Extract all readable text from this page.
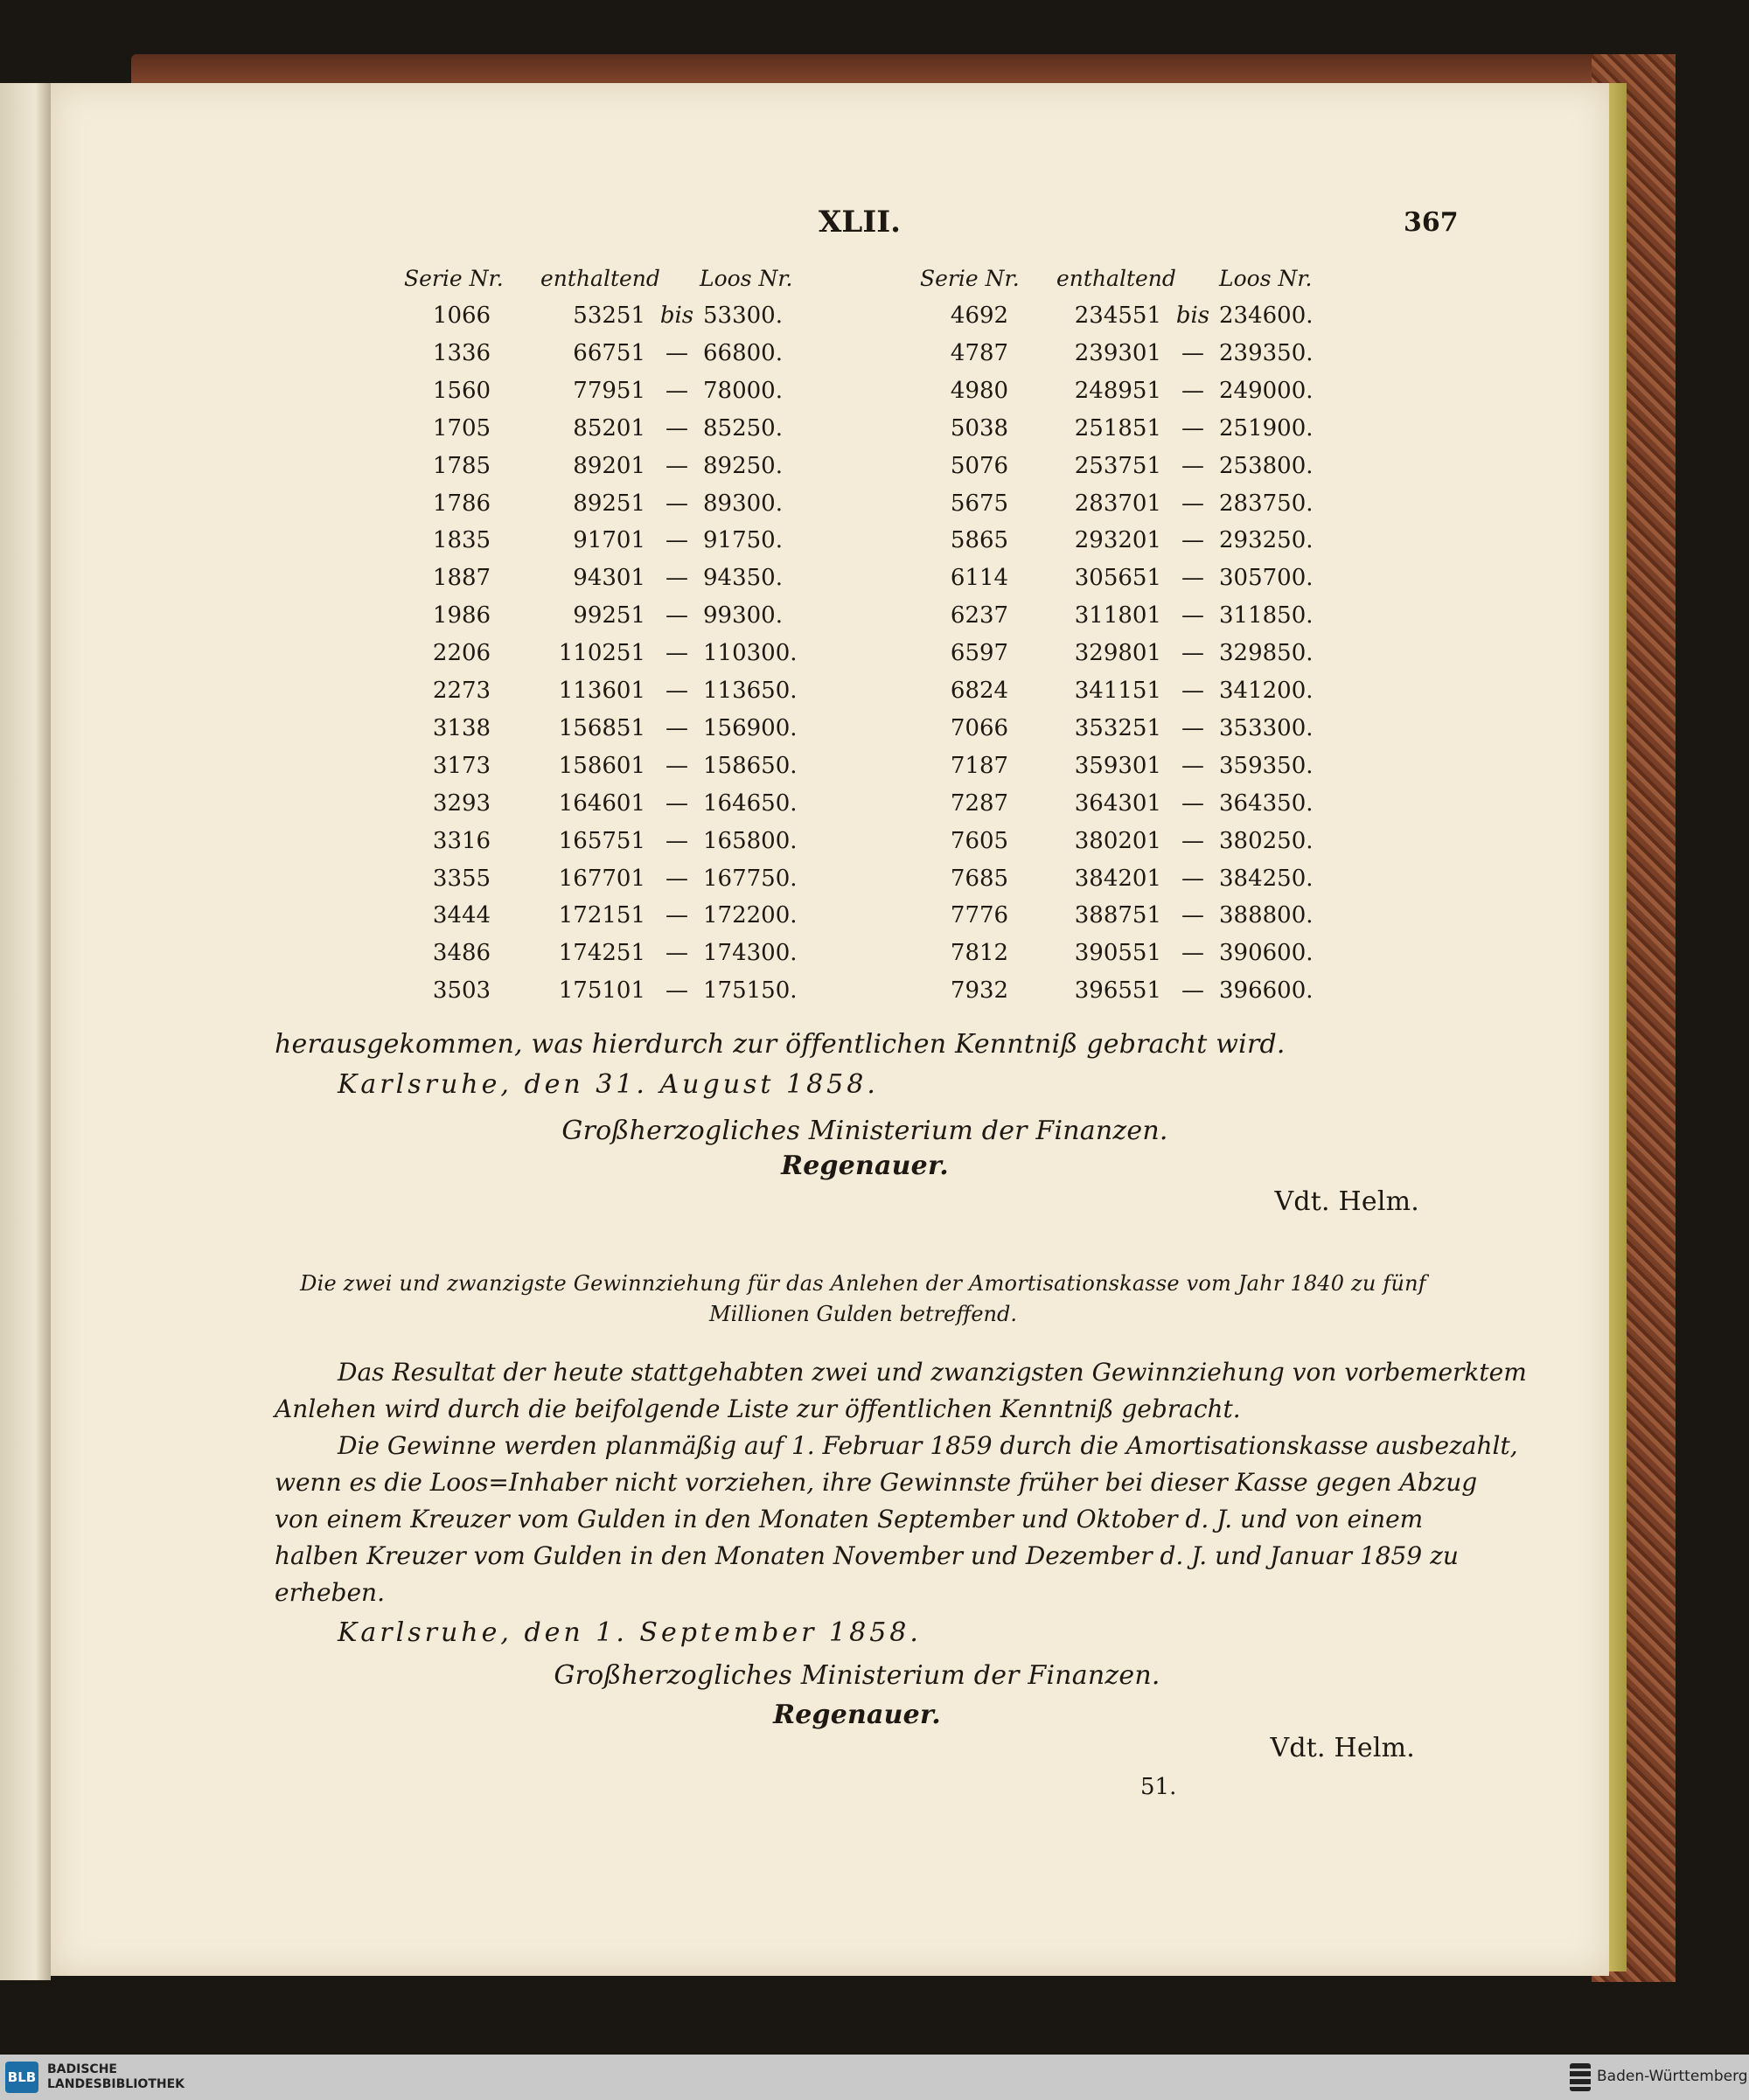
XLII.	367
Serie Nr. enthaltend Loos Nr.
1066	53251 bis 53300.
1336	66751 — 66800.
1560	77951 — 78000.
1705	85201 — 85250.
1785	89201 — 89250.
1786	89251 — 89300.
1835	91701 — 91750.
1887	94301 — 94350.
1986	99251 — 99300.
2206	110251 — 110300.
2273	113601 — 113650.
3138	156851 — 156900.
3173	158601 — 158650.
3293	164601 — 164650.
3316	165751 — 165800.
3355	167701 — 167750.
3444	172151 — 172200.
3486	174251 — 174300.
3503	175101 — 175150.
Serie Nr. enthaltend Loos Nr.
4692	234551 bis 234600.
4787	239301 — 239350.
4980	248951 — 249000.
5038	251851 — 251900.
5076	253751 — 253800.
5675	283701 — 283750.
5865	293201 — 293250.
6114	305651 — 305700.
6237	311801 — 311850.
6597	329801 — 329850.
6824	341151 — 341200.
7066	353251 — 353300.
7187	359301 — 359350.
7287	364301 — 364350.
7605	380201 — 380250.
7685	384201 — 384250.
7776	388751 — 388800.
7812	390551 — 390600.
7932	396551 — 396600.
herausgekommen, was hierdurch zur öffentlichen Kenntniß gebracht wird.
Karlsruhe, den 31. August 1858.
Großherzogliches Ministerium der Finanzen.
Regenauer.
Vdt. Helm.
Die zwei und zwanzigste Gewinnziehung für das Anlehen der Amortisationskasse vom Jahr 1840 zu fünf
Millionen Gulden betreffend.
Das Resultat der heute stattgehabten zwei und zwanzigsten Gewinnziehung von vorbemerktem
Anlehen wird durch die beifolgende Liste zur öffentlichen Kenntniß gebracht.
Die Gewinne werden planmäßig auf 1. Februar 1859 durch die Amortisationskasse ausbezahlt,
wenn es die Loos=Inhaber nicht vorziehen, ihre Gewinnste früher bei dieser Kasse gegen Abzug
von einem Kreuzer vom Gulden in den Monaten September und Oktober d. J. und von einem
halben Kreuzer vom Gulden in den Monaten November und Dezember d. J. und Januar 1859 zu
erheben.
Karlsruhe, den 1. September 1858.
Großherzogliches Ministerium der Finanzen.
Regenauer.
Vdt. Helm.
51.
BLB BADISCHE
LANDESBIBLIOTHEK	Baden-Württemberg
